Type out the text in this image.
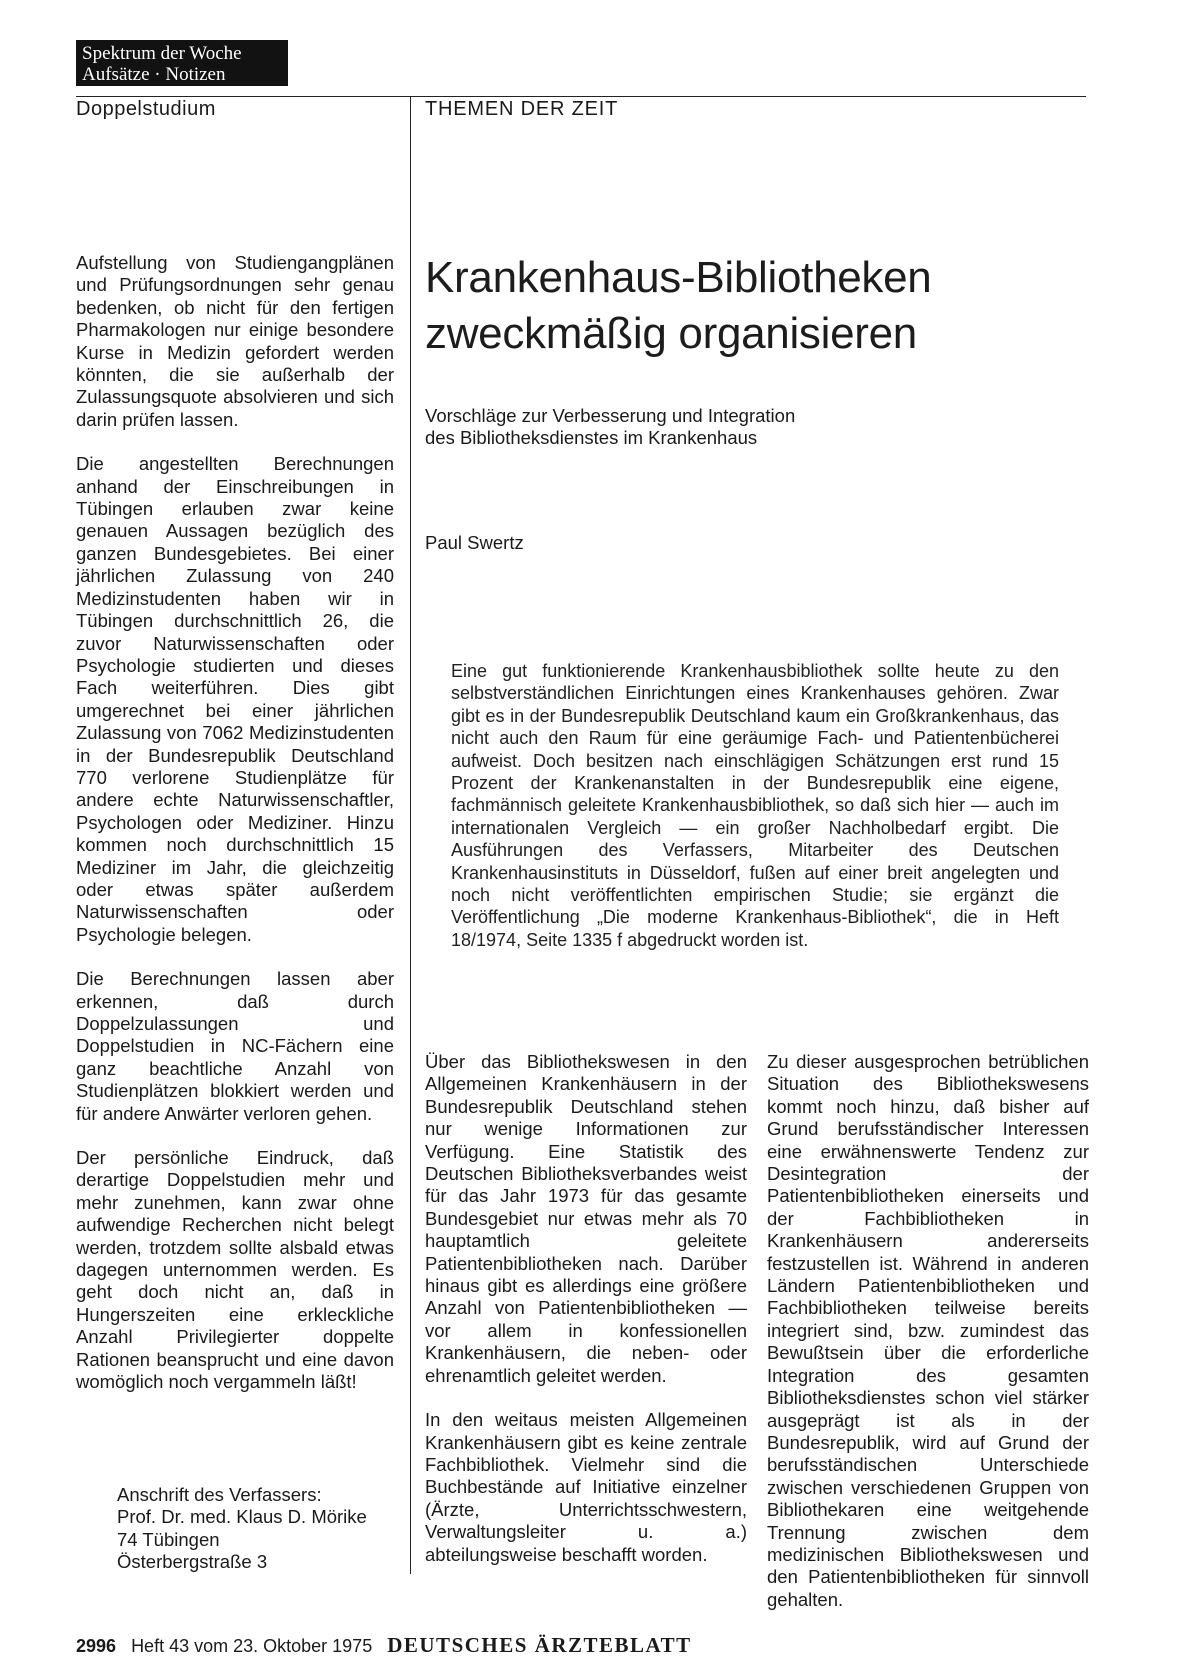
Spektrum der Woche
Aufsätze · Notizen
Doppelstudium	THEMEN DER ZEIT

Aufstellung von Studiengangplänen und Prüfungsordnungen sehr genau bedenken, ob nicht für den fertigen Pharmakologen nur einige besondere Kurse in Medizin gefordert werden könnten, die sie außerhalb der Zulassungsquote absolvieren und sich darin prüfen lassen.

Die angestellten Berechnungen anhand der Einschreibungen in Tübingen erlauben zwar keine genauen Aussagen bezüglich des ganzen Bundesgebietes. Bei einer jährlichen Zulassung von 240 Medizinstudenten haben wir in Tübingen durchschnittlich 26, die zuvor Naturwissenschaften oder Psychologie studierten und dieses Fach weiterführen. Dies gibt umgerechnet bei einer jährlichen Zulassung von 7062 Medizinstudenten in der Bundesrepublik Deutschland 770 verlorene Studienplätze für andere echte Naturwissenschaftler, Psychologen oder Mediziner. Hinzu kommen noch durchschnittlich 15 Mediziner im Jahr, die gleichzeitig oder etwas später außerdem Naturwissenschaften oder Psychologie belegen.

Die Berechnungen lassen aber erkennen, daß durch Doppelzulassungen und Doppelstudien in NC-Fächern eine ganz beachtliche Anzahl von Studienplätzen blokkiert werden und für andere Anwärter verloren gehen.

Der persönliche Eindruck, daß derartige Doppelstudien mehr und mehr zunehmen, kann zwar ohne aufwendige Recherchen nicht belegt werden, trotzdem sollte alsbald etwas dagegen unternommen werden. Es geht doch nicht an, daß in Hungerszeiten eine erkleckliche Anzahl Privilegierter doppelte Rationen beansprucht und eine davon womöglich noch vergammeln läßt!

Anschrift des Verfassers:
Prof. Dr. med. Klaus D. Mörike
74 Tübingen
Österbergstraße 3
Krankenhaus-Bibliotheken
zweckmäßig organisieren
Vorschläge zur Verbesserung und Integration
des Bibliotheksdienstes im Krankenhaus
Paul Swertz
Eine gut funktionierende Krankenhausbibliothek sollte heute zu den selbstverständlichen Einrichtungen eines Krankenhauses gehören. Zwar gibt es in der Bundesrepublik Deutschland kaum ein Großkrankenhaus, das nicht auch den Raum für eine geräumige Fach- und Patientenbücherei aufweist. Doch besitzen nach einschlägigen Schätzungen erst rund 15 Prozent der Krankenanstalten in der Bundesrepublik eine eigene, fachmännisch geleitete Krankenhausbibliothek, so daß sich hier — auch im internationalen Vergleich — ein großer Nachholbedarf ergibt. Die Ausführungen des Verfassers, Mitarbeiter des Deutschen Krankenhausinstituts in Düsseldorf, fußen auf einer breit angelegten und noch nicht veröffentlichten empirischen Studie; sie ergänzt die Veröffentlichung „Die moderne Krankenhaus-Bibliothek“, die in Heft 18/1974, Seite 1335 f abgedruckt worden ist.

Über das Bibliothekswesen in den Allgemeinen Krankenhäusern in der Bundesrepublik Deutschland stehen nur wenige Informationen zur Verfügung. Eine Statistik des Deutschen Bibliotheksverbandes weist für das Jahr 1973 für das gesamte Bundesgebiet nur etwas mehr als 70 hauptamtlich geleitete Patientenbibliotheken nach. Darüber hinaus gibt es allerdings eine größere Anzahl von Patientenbibliotheken — vor allem in konfessionellen Krankenhäusern, die neben- oder ehrenamtlich geleitet werden.

In den weitaus meisten Allgemeinen Krankenhäusern gibt es keine zentrale Fachbibliothek. Vielmehr sind die Buchbestände auf Initiative einzelner (Ärzte, Unterrichtsschwestern, Verwaltungsleiter u. a.) abteilungsweise beschafft worden.

Zu dieser ausgesprochen betrüblichen Situation des Bibliothekswesens kommt noch hinzu, daß bisher auf Grund berufsständischer Interessen eine erwähnenswerte Tendenz zur Desintegration der Patientenbibliotheken einerseits und der Fachbibliotheken in Krankenhäusern andererseits festzustellen ist. Während in anderen Ländern Patientenbibliotheken und Fachbibliotheken teilweise bereits integriert sind, bzw. zumindest das Bewußtsein über die erforderliche Integration des gesamten Bibliotheksdienstes schon viel stärker ausgeprägt ist als in der Bundesrepublik, wird auf Grund der berufsständischen Unterschiede zwischen verschiedenen Gruppen von Bibliothekaren eine weitgehende Trennung zwischen dem medizinischen Bibliothekswesen und den Patientenbibliotheken für sinnvoll gehalten.

2996 Heft 43 vom 23. Oktober 1975 DEUTSCHES ÄRZTEBLATT
